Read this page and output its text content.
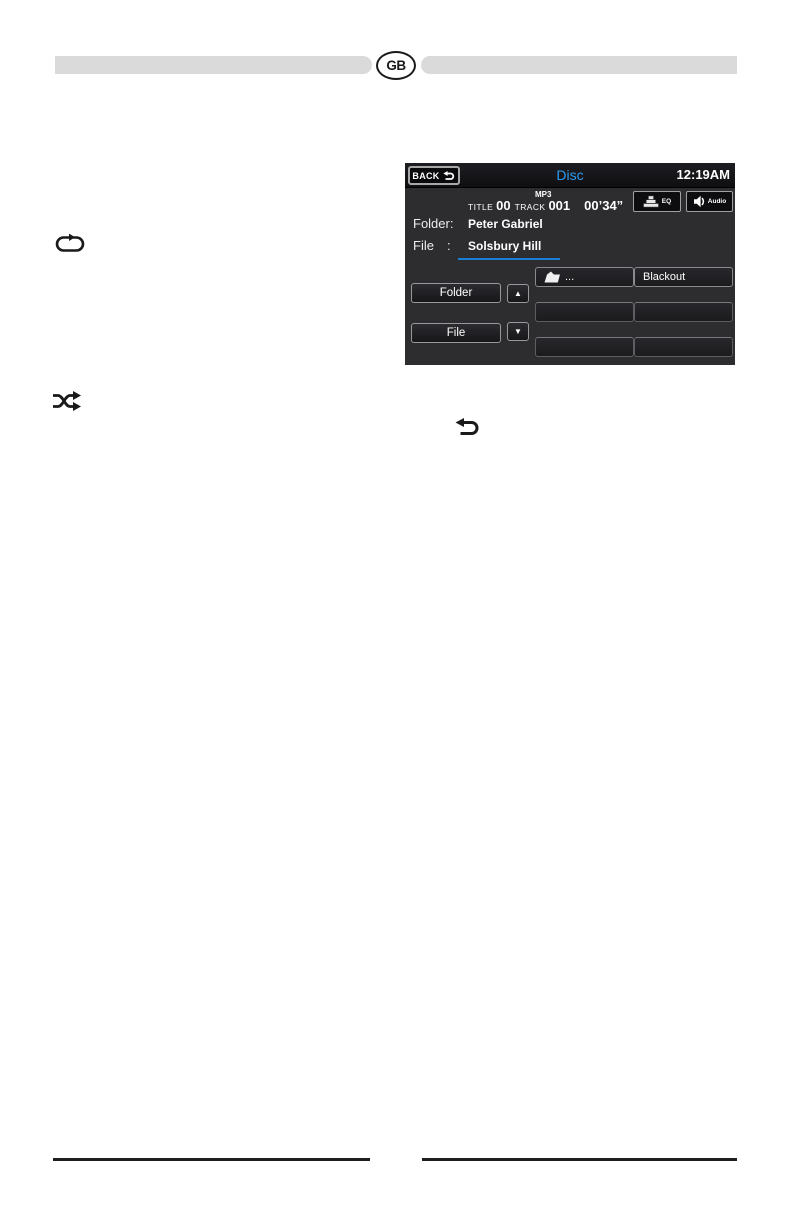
GB
BACK	Disc	12:19AM
MP3
TITLE 00 TRACK 001 00’34”	EQ	Audio
Folder:	Peter Gabriel
File	:	Solsbury Hill
Folder
File
▲
▼
...	Blackout
